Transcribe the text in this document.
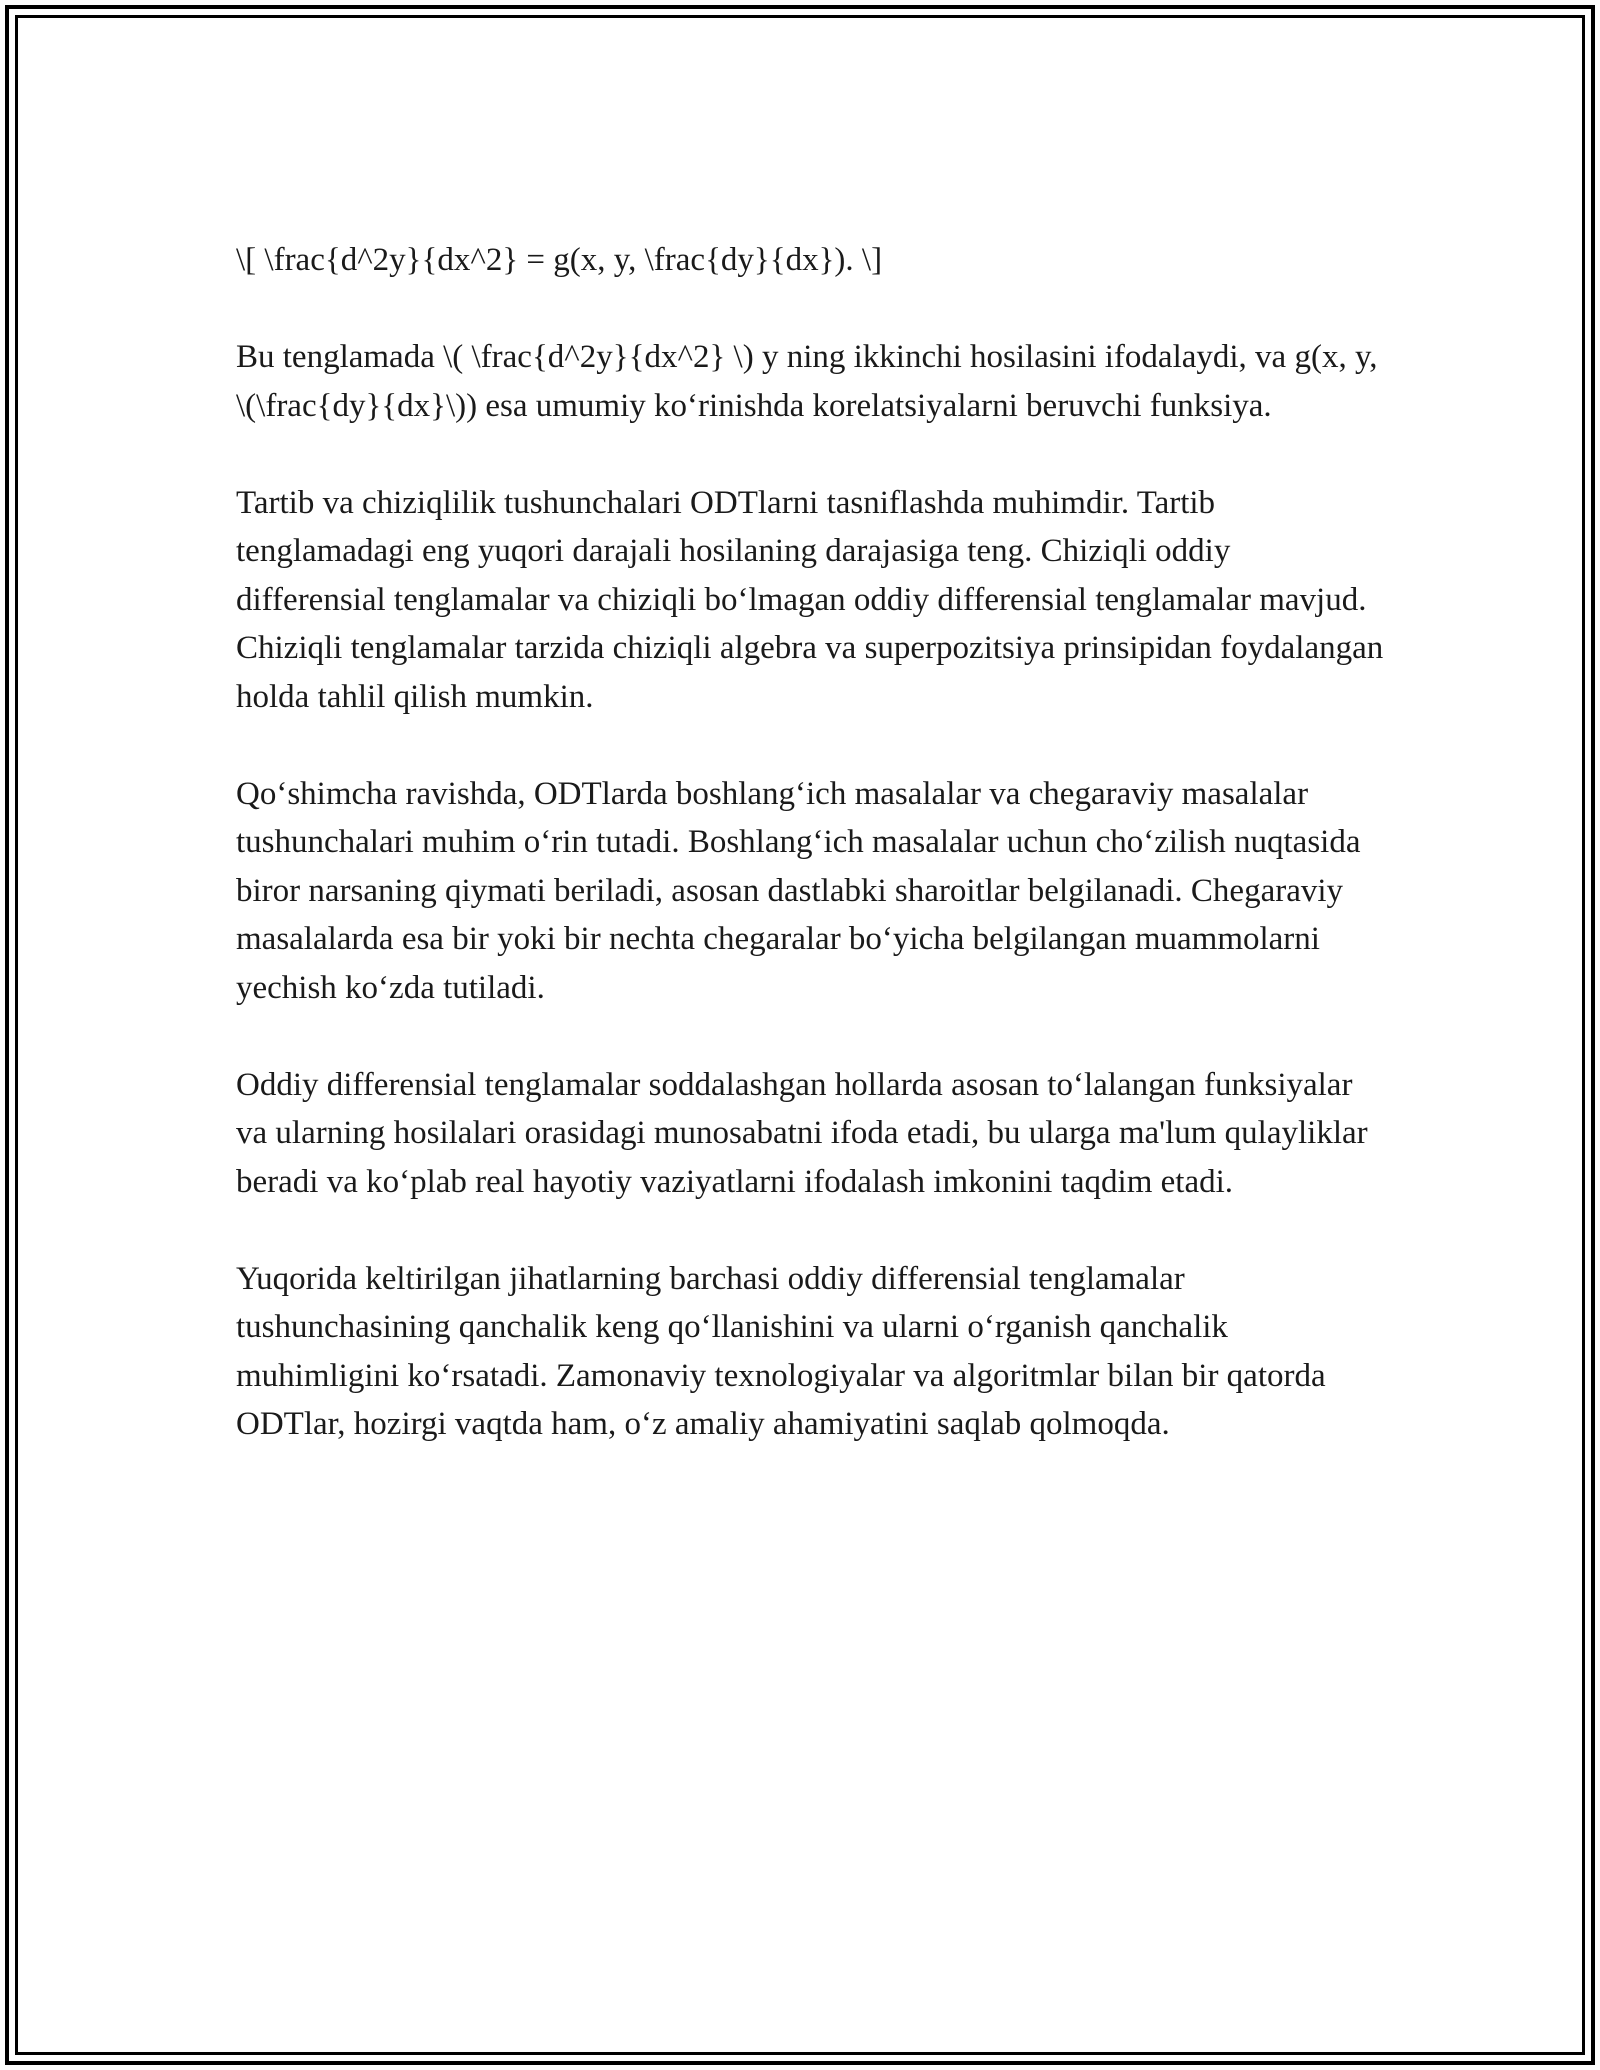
\[ \frac{d^2y}{dx^2} = g(x, y, \frac{dy}{dx}). \]

Bu tenglamada \( \frac{d^2y}{dx^2} \) y ning ikkinchi hosilasini ifodalaydi, va g(x, y, \(\frac{dy}{dx}\)) esa umumiy ko‘rinishda korelatsiyalarni beruvchi funksiya.

Tartib va chiziqlilik tushunchalari ODTlarni tasniflashda muhimdir. Tartib tenglamadagi eng yuqori darajali hosilaning darajasiga teng. Chiziqli oddiy differensial tenglamalar va chiziqli bo‘lmagan oddiy differensial tenglamalar mavjud. Chiziqli tenglamalar tarzida chiziqli algebra va superpozitsiya prinsipidan foydalangan holda tahlil qilish mumkin.

Qo‘shimcha ravishda, ODTlarda boshlang‘ich masalalar va chegaraviy masalalar tushunchalari muhim o‘rin tutadi. Boshlang‘ich masalalar uchun cho‘zilish nuqtasida biror narsaning qiymati beriladi, asosan dastlabki sharoitlar belgilanadi. Chegaraviy masalalarda esa bir yoki bir nechta chegaralar bo‘yicha belgilangan muammolarni yechish ko‘zda tutiladi.

Oddiy differensial tenglamalar soddalashgan hollarda asosan to‘lalangan funksiyalar va ularning hosilalari orasidagi munosabatni ifoda etadi, bu ularga ma'lum qulayliklar beradi va ko‘plab real hayotiy vaziyatlarni ifodalash imkonini taqdim etadi.

Yuqorida keltirilgan jihatlarning barchasi oddiy differensial tenglamalar tushunchasining qanchalik keng qo‘llanishini va ularni o‘rganish qanchalik muhimligini ko‘rsatadi. Zamonaviy texnologiyalar va algoritmlar bilan bir qatorda ODTlar, hozirgi vaqtda ham, o‘z amaliy ahamiyatini saqlab qolmoqda.
